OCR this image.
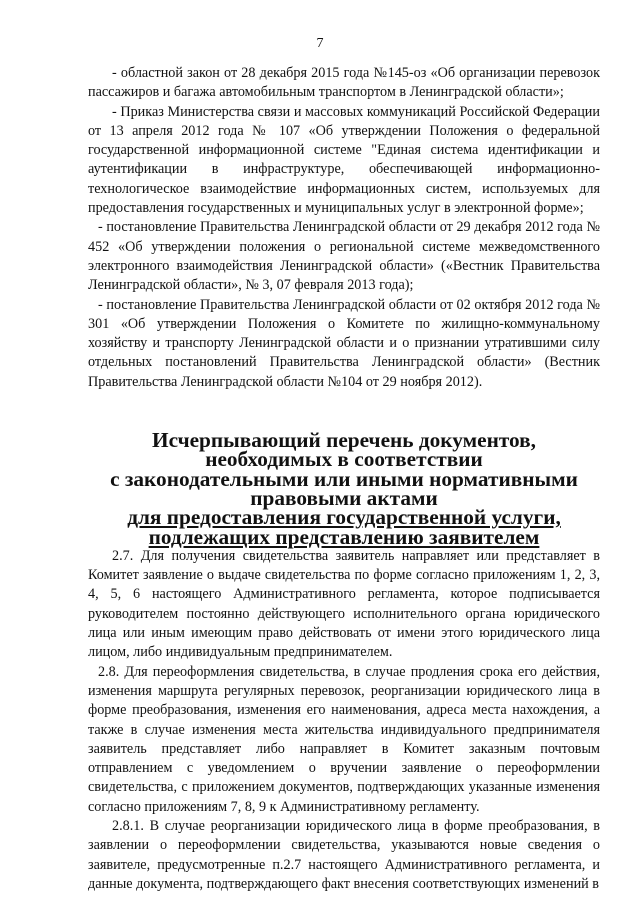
7

- областной закон от 28 декабря 2015 года №145-оз «Об организации перевозок пассажиров и багажа автомобильным транспортом в Ленинградской области»;

- Приказ Министерства связи и массовых коммуникаций Российской Федерации от 13 апреля 2012 года № 107 «Об утверждении Положения о федеральной государственной информационной системе "Единая система идентификации и аутентификации в инфраструктуре, обеспечивающей информационно-технологическое взаимодействие информационных систем, используемых для предоставления государственных и муниципальных услуг в электронной форме»;

- постановление Правительства Ленинградской области от 29 декабря 2012 года № 452 «Об утверждении положения о региональной системе межведомственного электронного взаимодействия Ленинградской области» («Вестник Правительства Ленинградской области», № 3, 07 февраля 2013 года);

- постановление Правительства Ленинградской области от 02 октября 2012 года № 301 «Об утверждении Положения о Комитете по жилищно-коммунальному хозяйству и транспорту Ленинградской области и о признании утратившими силу отдельных постановлений Правительства Ленинградской области» (Вестник Правительства Ленинградской области №104 от 29 ноября 2012).

Исчерпывающий перечень документов, необходимых в соответствии
с законодательными или иными нормативными правовыми актами
для предоставления государственной услуги,
подлежащих представлению заявителем

2.7. Для получения свидетельства заявитель направляет или представляет в Комитет заявление о выдаче свидетельства по форме согласно приложениям 1, 2, 3, 4, 5, 6 настоящего Административного регламента, которое подписывается руководителем постоянно действующего исполнительного органа юридического лица или иным имеющим право действовать от имени этого юридического лица лицом, либо индивидуальным предпринимателем.

2.8. Для переоформления свидетельства, в случае продления срока его действия, изменения маршрута регулярных перевозок, реорганизации юридического лица в форме преобразования, изменения его наименования, адреса места нахождения, а также в случае изменения места жительства индивидуального предпринимателя заявитель представляет либо направляет в Комитет заказным почтовым отправлением с уведомлением о вручении заявление о переоформлении свидетельства, с приложением документов, подтверждающих указанные изменения согласно приложениям 7, 8, 9 к Административному регламенту.

2.8.1. В случае реорганизации юридического лица в форме преобразования, в заявлении о переоформлении свидетельства, указываются новые сведения о заявителе, предусмотренные п.2.7 настоящего Административного регламента, и данные документа, подтверждающего факт внесения соответствующих изменений в
